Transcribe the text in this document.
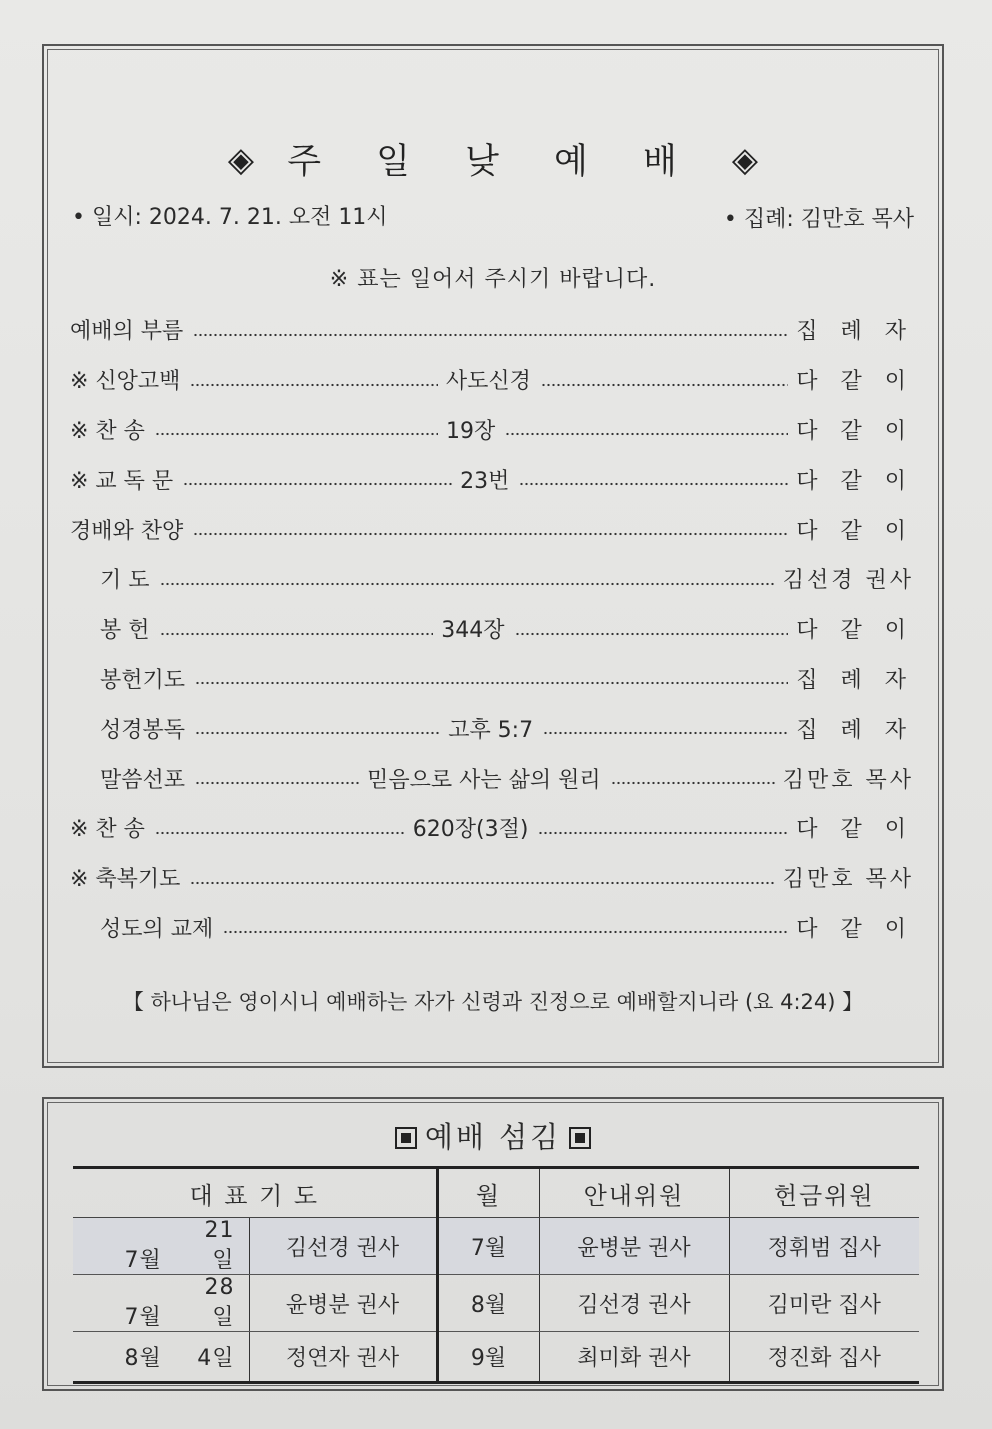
◈ 주 일 낮 예 배 ◈
• 일시: 2024. 7. 21. 오전 11시	• 집례: 김만호 목사
※ 표는 일어서 주시기 바랍니다.
예배의 부름	집 례 자
※ 신앙고백	사도신경	다 같 이
※ 찬 송	19장	다 같 이
※ 교 독 문	23번	다 같 이
경배와 찬양	다 같 이
기 도	김선경 권사
봉 헌	344장	다 같 이
봉헌기도	집 례 자
성경봉독	고후 5:7	집 례 자
말씀선포	믿음으로 사는 삶의 원리	김만호 목사
※ 찬 송	620장(3절)	다 같 이
※ 축복기도	김만호 목사
성도의 교제	다 같 이
【 하나님은 영이시니 예배하는 자가 신령과 진정으로 예배할지니라 (요 4:24) 】
예배 섬김
대 표 기 도		월	안내위원	헌금위원
7월21일	김선경 권사	7월	윤병분 권사	정휘범 집사
7월28일	윤병분 권사	8월	김선경 권사	김미란 집사
8월 4일	정연자 권사	9월	최미화 권사	정진화 집사
